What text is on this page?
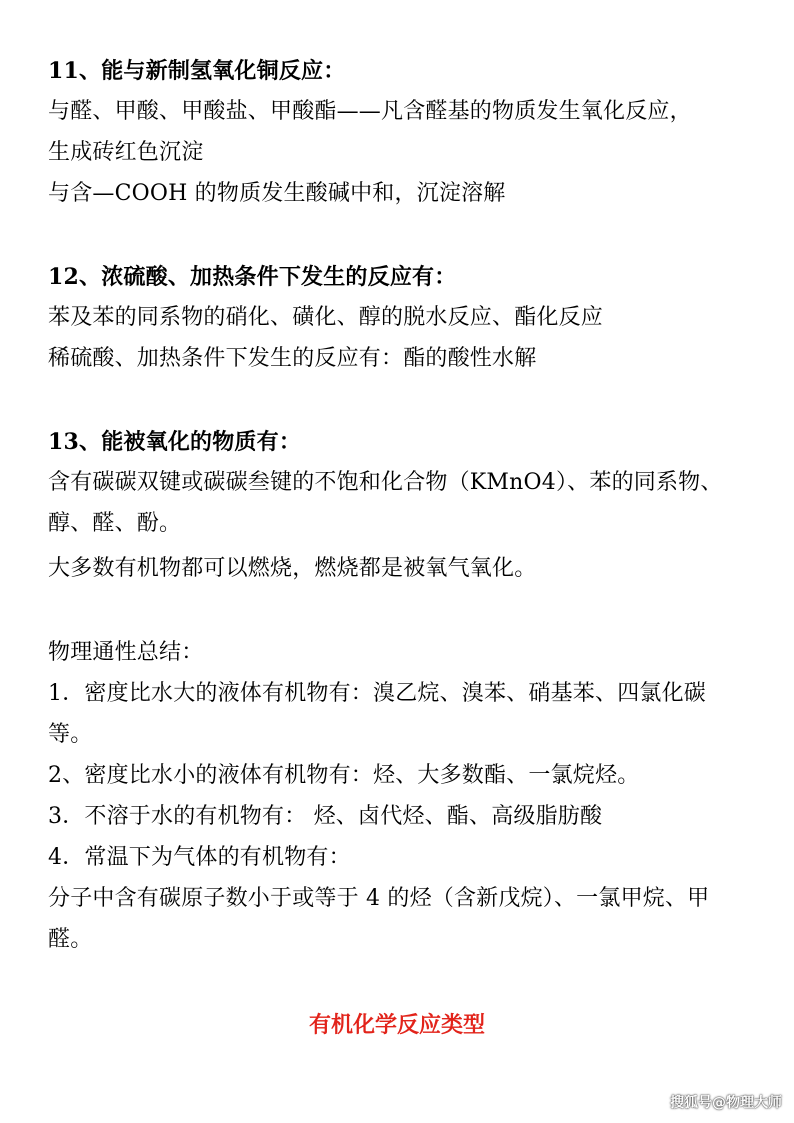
11、能与新制氢氧化铜反应：
与醛、甲酸、甲酸盐、甲酸酯——凡含醛基的物质发生氧化反应，
生成砖红色沉淀
与含—COOH 的物质发生酸碱中和，沉淀溶解
12、浓硫酸、加热条件下发生的反应有：
苯及苯的同系物的硝化、磺化、醇的脱水反应、酯化反应
稀硫酸、加热条件下发生的反应有：酯的酸性水解
13、能被氧化的物质有：
含有碳碳双键或碳碳叁键的不饱和化合物（KMnO4）、苯的同系物、
醇、醛、酚。
大多数有机物都可以燃烧，燃烧都是被氧气氧化。
物理通性总结：
1．密度比水大的液体有机物有：溴乙烷、溴苯、硝基苯、四氯化碳
等。
2、密度比水小的液体有机物有：烃、大多数酯、一氯烷烃。
3．不溶于水的有机物有： 烃、卤代烃、酯、高级脂肪酸
4．常温下为气体的有机物有：
分子中含有碳原子数小于或等于 4 的烃（含新戊烷）、一氯甲烷、甲
醛。
有机化学反应类型
搜狐号@物理大师
